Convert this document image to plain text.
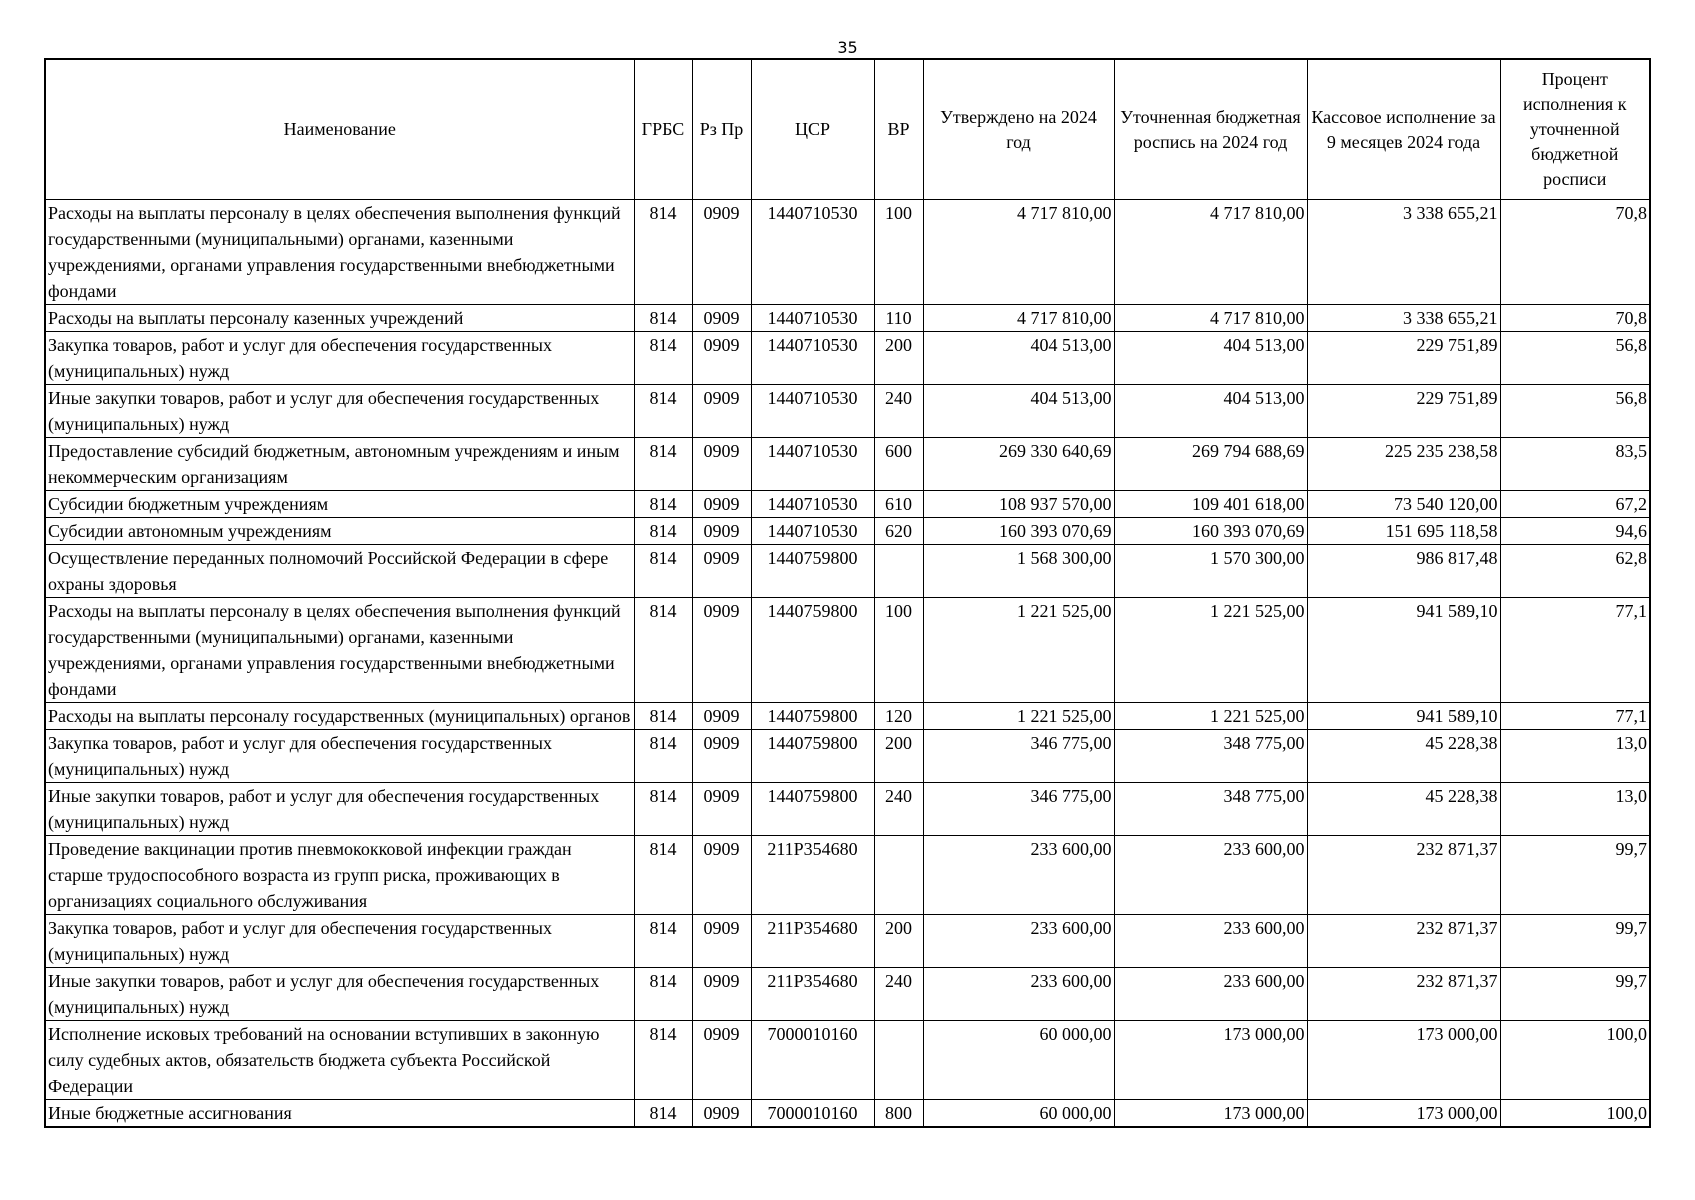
35
Наименование	ГРБС	Рз Пр	ЦСР	ВР	Утверждено на 2024 год	Уточненная бюджетная роспись на 2024 год	Кассовое исполнение за 9 месяцев 2024 года	Процент исполнения к уточненной бюджетной росписи
Расходы на выплаты персоналу в целях обеспечения выполнения функций государственными (муниципальными) органами, казенными учреждениями, органами управления государственными внебюджетными фондами	814	0909	1440710530	100	4 717 810,00	4 717 810,00	3 338 655,21	70,8
Расходы на выплаты персоналу казенных учреждений	814	0909	1440710530	110	4 717 810,00	4 717 810,00	3 338 655,21	70,8
Закупка товаров, работ и услуг для обеспечения государственных (муниципальных) нужд	814	0909	1440710530	200	404 513,00	404 513,00	229 751,89	56,8
Иные закупки товаров, работ и услуг для обеспечения государственных (муниципальных) нужд	814	0909	1440710530	240	404 513,00	404 513,00	229 751,89	56,8
Предоставление субсидий бюджетным, автономным учреждениям и иным некоммерческим организациям	814	0909	1440710530	600	269 330 640,69	269 794 688,69	225 235 238,58	83,5
Субсидии бюджетным учреждениям	814	0909	1440710530	610	108 937 570,00	109 401 618,00	73 540 120,00	67,2
Субсидии автономным учреждениям	814	0909	1440710530	620	160 393 070,69	160 393 070,69	151 695 118,58	94,6
Осуществление переданных полномочий Российской Федерации в сфере охраны здоровья	814	0909	1440759800		1 568 300,00	1 570 300,00	986 817,48	62,8
Расходы на выплаты персоналу в целях обеспечения выполнения функций государственными (муниципальными) органами, казенными учреждениями, органами управления государственными внебюджетными фондами	814	0909	1440759800	100	1 221 525,00	1 221 525,00	941 589,10	77,1
Расходы на выплаты персоналу государственных (муниципальных) органов	814	0909	1440759800	120	1 221 525,00	1 221 525,00	941 589,10	77,1
Закупка товаров, работ и услуг для обеспечения государственных (муниципальных) нужд	814	0909	1440759800	200	346 775,00	348 775,00	45 228,38	13,0
Иные закупки товаров, работ и услуг для обеспечения государственных (муниципальных) нужд	814	0909	1440759800	240	346 775,00	348 775,00	45 228,38	13,0
Проведение вакцинации против пневмококковой инфекции граждан старше трудоспособного возраста из групп риска, проживающих в организациях социального обслуживания	814	0909	211Р354680		233 600,00	233 600,00	232 871,37	99,7
Закупка товаров, работ и услуг для обеспечения государственных (муниципальных) нужд	814	0909	211Р354680	200	233 600,00	233 600,00	232 871,37	99,7
Иные закупки товаров, работ и услуг для обеспечения государственных (муниципальных) нужд	814	0909	211Р354680	240	233 600,00	233 600,00	232 871,37	99,7
Исполнение исковых требований на основании вступивших в законную силу судебных актов, обязательств бюджета субъекта Российской Федерации	814	0909	7000010160		60 000,00	173 000,00	173 000,00	100,0
Иные бюджетные ассигнования	814	0909	7000010160	800	60 000,00	173 000,00	173 000,00	100,0
